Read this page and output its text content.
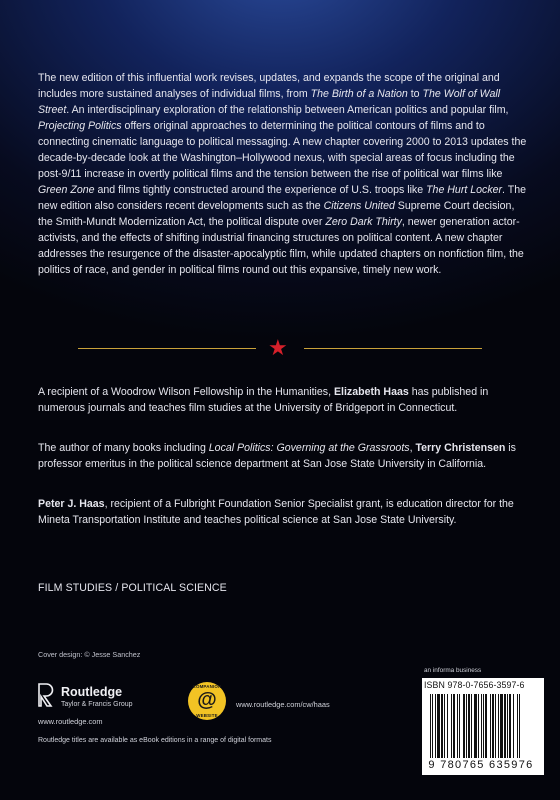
The new edition of this influential work revises, updates, and expands the scope of the original and includes more sustained analyses of individual films, from The Birth of a Nation to The Wolf of Wall Street. An interdisciplinary exploration of the relationship between American politics and popular film, Projecting Politics offers original approaches to determining the political contours of films and to connecting cinematic language to political messaging. A new chapter covering 2000 to 2013 updates the decade-by-decade look at the Washington–Hollywood nexus, with special areas of focus including the post-9/11 increase in overtly political films and the tension between the rise of political war films like Green Zone and films tightly constructed around the experience of U.S. troops like The Hurt Locker. The new edition also considers recent developments such as the Citizens United Supreme Court decision, the Smith-Mundt Modernization Act, the political dispute over Zero Dark Thirty, newer generation actor-activists, and the effects of shifting industrial financing structures on political content. A new chapter addresses the resurgence of the disaster-apocalyptic film, while updated chapters on nonfiction film, the politics of race, and gender in political films round out this expansive, timely new work.

★

A recipient of a Woodrow Wilson Fellowship in the Humanities, Elizabeth Haas has published in numerous journals and teaches film studies at the University of Bridgeport in Connecticut.

The author of many books including Local Politics: Governing at the Grassroots, Terry Christensen is professor emeritus in the political science department at San Jose State University in California.

Peter J. Haas, recipient of a Fulbright Foundation Senior Specialist grant, is education director for the Mineta Transportation Institute and teaches political science at San Jose State University.

FILM STUDIES / POLITICAL SCIENCE
Cover design: © Jesse Sanchez
Routledge
Taylor & Francis Group
www.routledge.com
COMPANION
@
WEBSITE
www.routledge.com/cw/haas
an informa business
ISBN 978-0-7656-3597-6
9 780765 635976
Routledge titles are available as eBook editions in a range of digital formats
